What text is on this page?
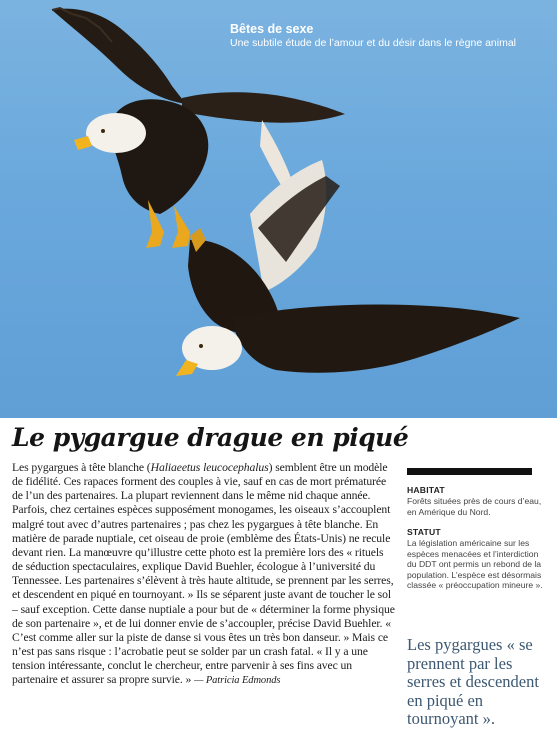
Bêtes de sexe
Une subtile étude de l’amour et du désir dans le règne animal
Le pygargue drague en piqué

Les pygargues à tête blanche (Haliaeetus leucocephalus) semblent être un modèle de fidélité. Ces rapaces forment des couples à vie, sauf en cas de mort prématurée de l’un des partenaires. La plupart reviennent dans le même nid chaque année. Parfois, chez certaines espèces supposément monogames, les oiseaux s’accouplent malgré tout avec d’autres partenaires ; pas chez les pygargues à tête blanche. En matière de parade nuptiale, cet oiseau de proie (emblème des États-Unis) ne recule devant rien. La manœuvre qu’illustre cette photo est la première lors des « rituels de séduction spectaculaires, explique David Buehler, écologue à l’université du Tennessee. Les partenaires s’élèvent à très haute altitude, se prennent par les serres, et descendent en piqué en tournoyant. » Ils se séparent juste avant de toucher le sol – sauf exception. Cette danse nuptiale a pour but de « déterminer la forme physique de son partenaire », et de lui donner envie de s’accoupler, précise David Buehler. « C’est comme aller sur la piste de danse si vous êtes un très bon danseur. » Mais ce n’est pas sans risque : l’acrobatie peut se solder par un crash fatal. « Il y a une tension intéressante, conclut le chercheur, entre parvenir à ses fins avec un partenaire et assurer sa propre survie. » — Patricia Edmonds

HABITAT
Forêts situées près de cours d’eau, en Amérique du Nord.
STATUT
La législation américaine sur les espèces menacées et l’interdiction du DDT ont permis un rebond de la population. L’espèce est désormais classée « préoccupation mineure ».
Les pygargues « se prennent par les serres et descendent en piqué en tournoyant ».
